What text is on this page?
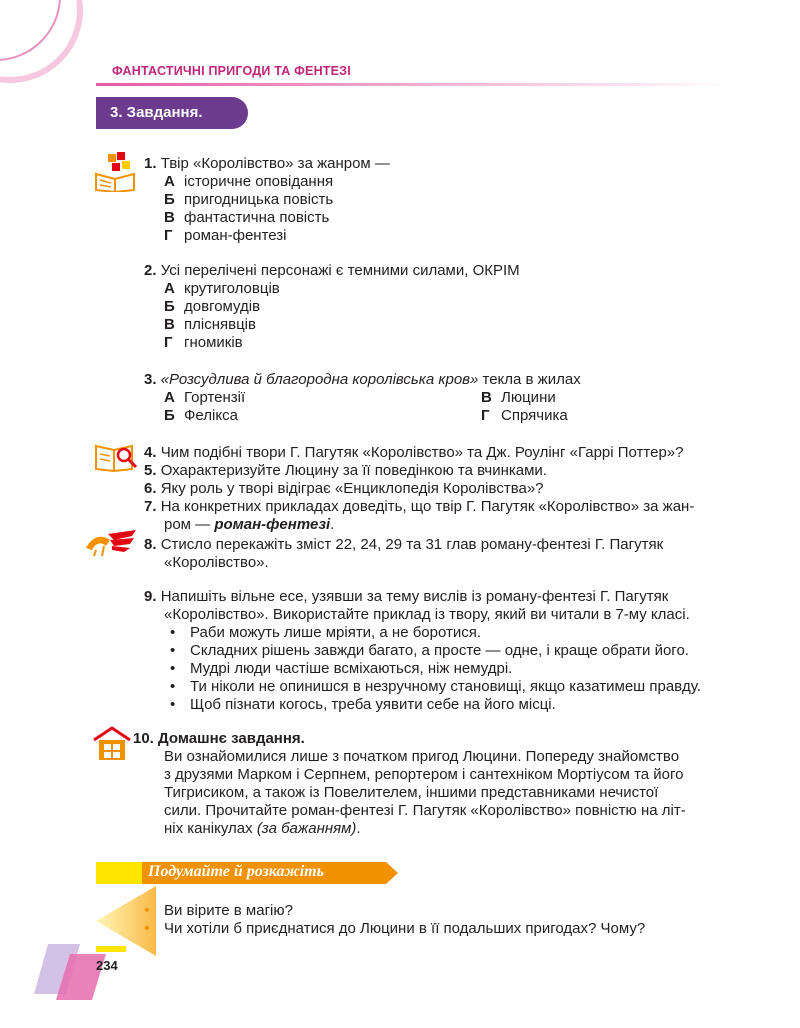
ФАНТАСТИЧНІ ПРИГОДИ ТА ФЕНТЕЗІ
3. Завдання.
1. Твір «Королівство» за жанром —
А історичне оповідання
Б пригодницька повість
В фантастична повість
Г роман-фентезі
2. Усі перелічені персонажі є темними силами, ОКРІМ
А крутиголовців
Б довгомудів
В пліснявців
Г гномиків
3. «Розсудлива й благородна королівська кров» текла в жилах
А Гортензії
Б Фелікса
В Люцини
Г Спрячика
4. Чим подібні твори Г. Пагутяк «Королівство» та Дж. Роулінг «Гаррі Поттер»?
5. Охарактеризуйте Люцину за її поведінкою та вчинками.
6. Яку роль у творі відіграє «Енциклопедія Королівства»?
7. На конкретних прикладах доведіть, що твір Г. Пагутяк «Королівство» за жан-
ром — роман-фентезі.
8. Стисло перекажіть зміст 22, 24, 29 та 31 глав роману-фентезі Г. Пагутяк
«Королівство».
9. Напишіть вільне есе, узявши за тему вислів із роману-фентезі Г. Пагутяк
«Королівство». Використайте приклад із твору, який ви читали в 7-му класі.
• Раби можуть лише мріяти, а не боротися.
• Складних рішень завжди багато, а просте — одне, і краще обрати його.
• Мудрі люди частіше всміхаються, ніж немудрі.
• Ти ніколи не опинишся в незручному становищі, якщо казатимеш правду.
• Щоб пізнати когось, треба уявити себе на його місці.
10. Домашнє завдання.
Ви ознайомилися лише з початком пригод Люцини. Попереду знайомство
з друзями Марком і Серпнем, репортером і сантехніком Мортіусом та його
Тигрисиком, а також із Повелителем, іншими представниками нечистої
сили. Прочитайте роман-фентезі Г. Пагутяк «Королівство» повністю на літ-
ніх канікулах (за бажанням).
Подумайте й розкажіть
• Ви вірите в магію?
• Чи хотіли б приєднатися до Люцини в її подальших пригодах? Чому?
234
